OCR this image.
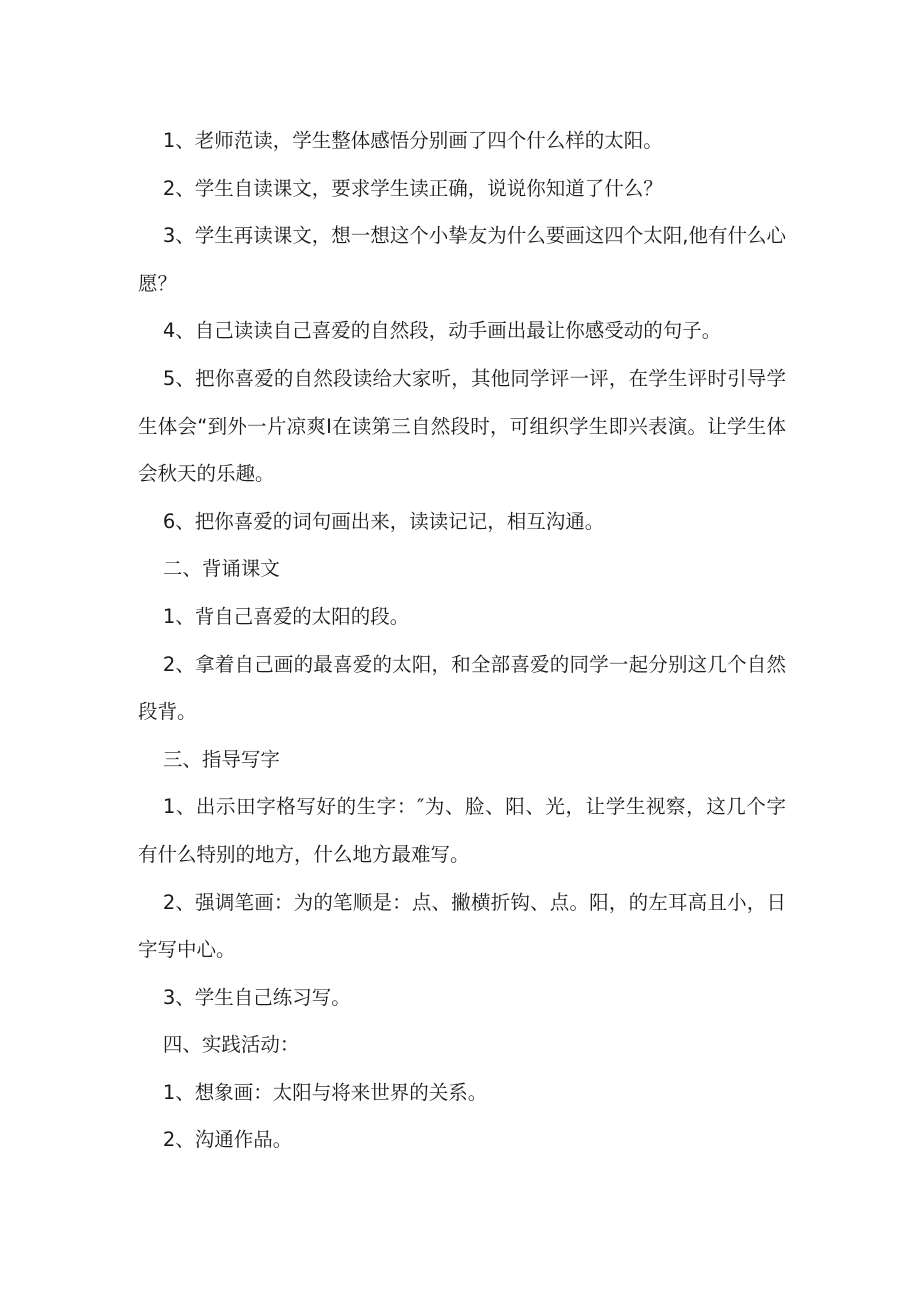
1、老师范读，学生整体感悟分别画了四个什么样的太阳。

2、学生自读课文，要求学生读正确，说说你知道了什么？

3、学生再读课文，想一想这个小挚友为什么要画这四个太阳,他有什么心愿？

4、自己读读自己喜爱的自然段，动手画出最让你感受动的句子。

5、把你喜爱的自然段读给大家听，其他同学评一评，在学生评时引导学生体会“到外一片凉爽I在读第三自然段时，可组织学生即兴表演。让学生体会秋天的乐趣。

6、把你喜爱的词句画出来，读读记记，相互沟通。

二、背诵课文

1、背自己喜爱的太阳的段。

2、拿着自己画的最喜爱的太阳，和全部喜爱的同学一起分别这几个自然段背。

三、指导写字

1、出示田字格写好的生字：″为、脸、阳、光，让学生视察，这几个字有什么特别的地方，什么地方最难写。

2、强调笔画：为的笔顺是：点、撇横折钩、点。阳，的左耳高且小，日字写中心。

3、学生自己练习写。

四、实践活动：

1、想象画：太阳与将来世界的关系。

2、沟通作品。
